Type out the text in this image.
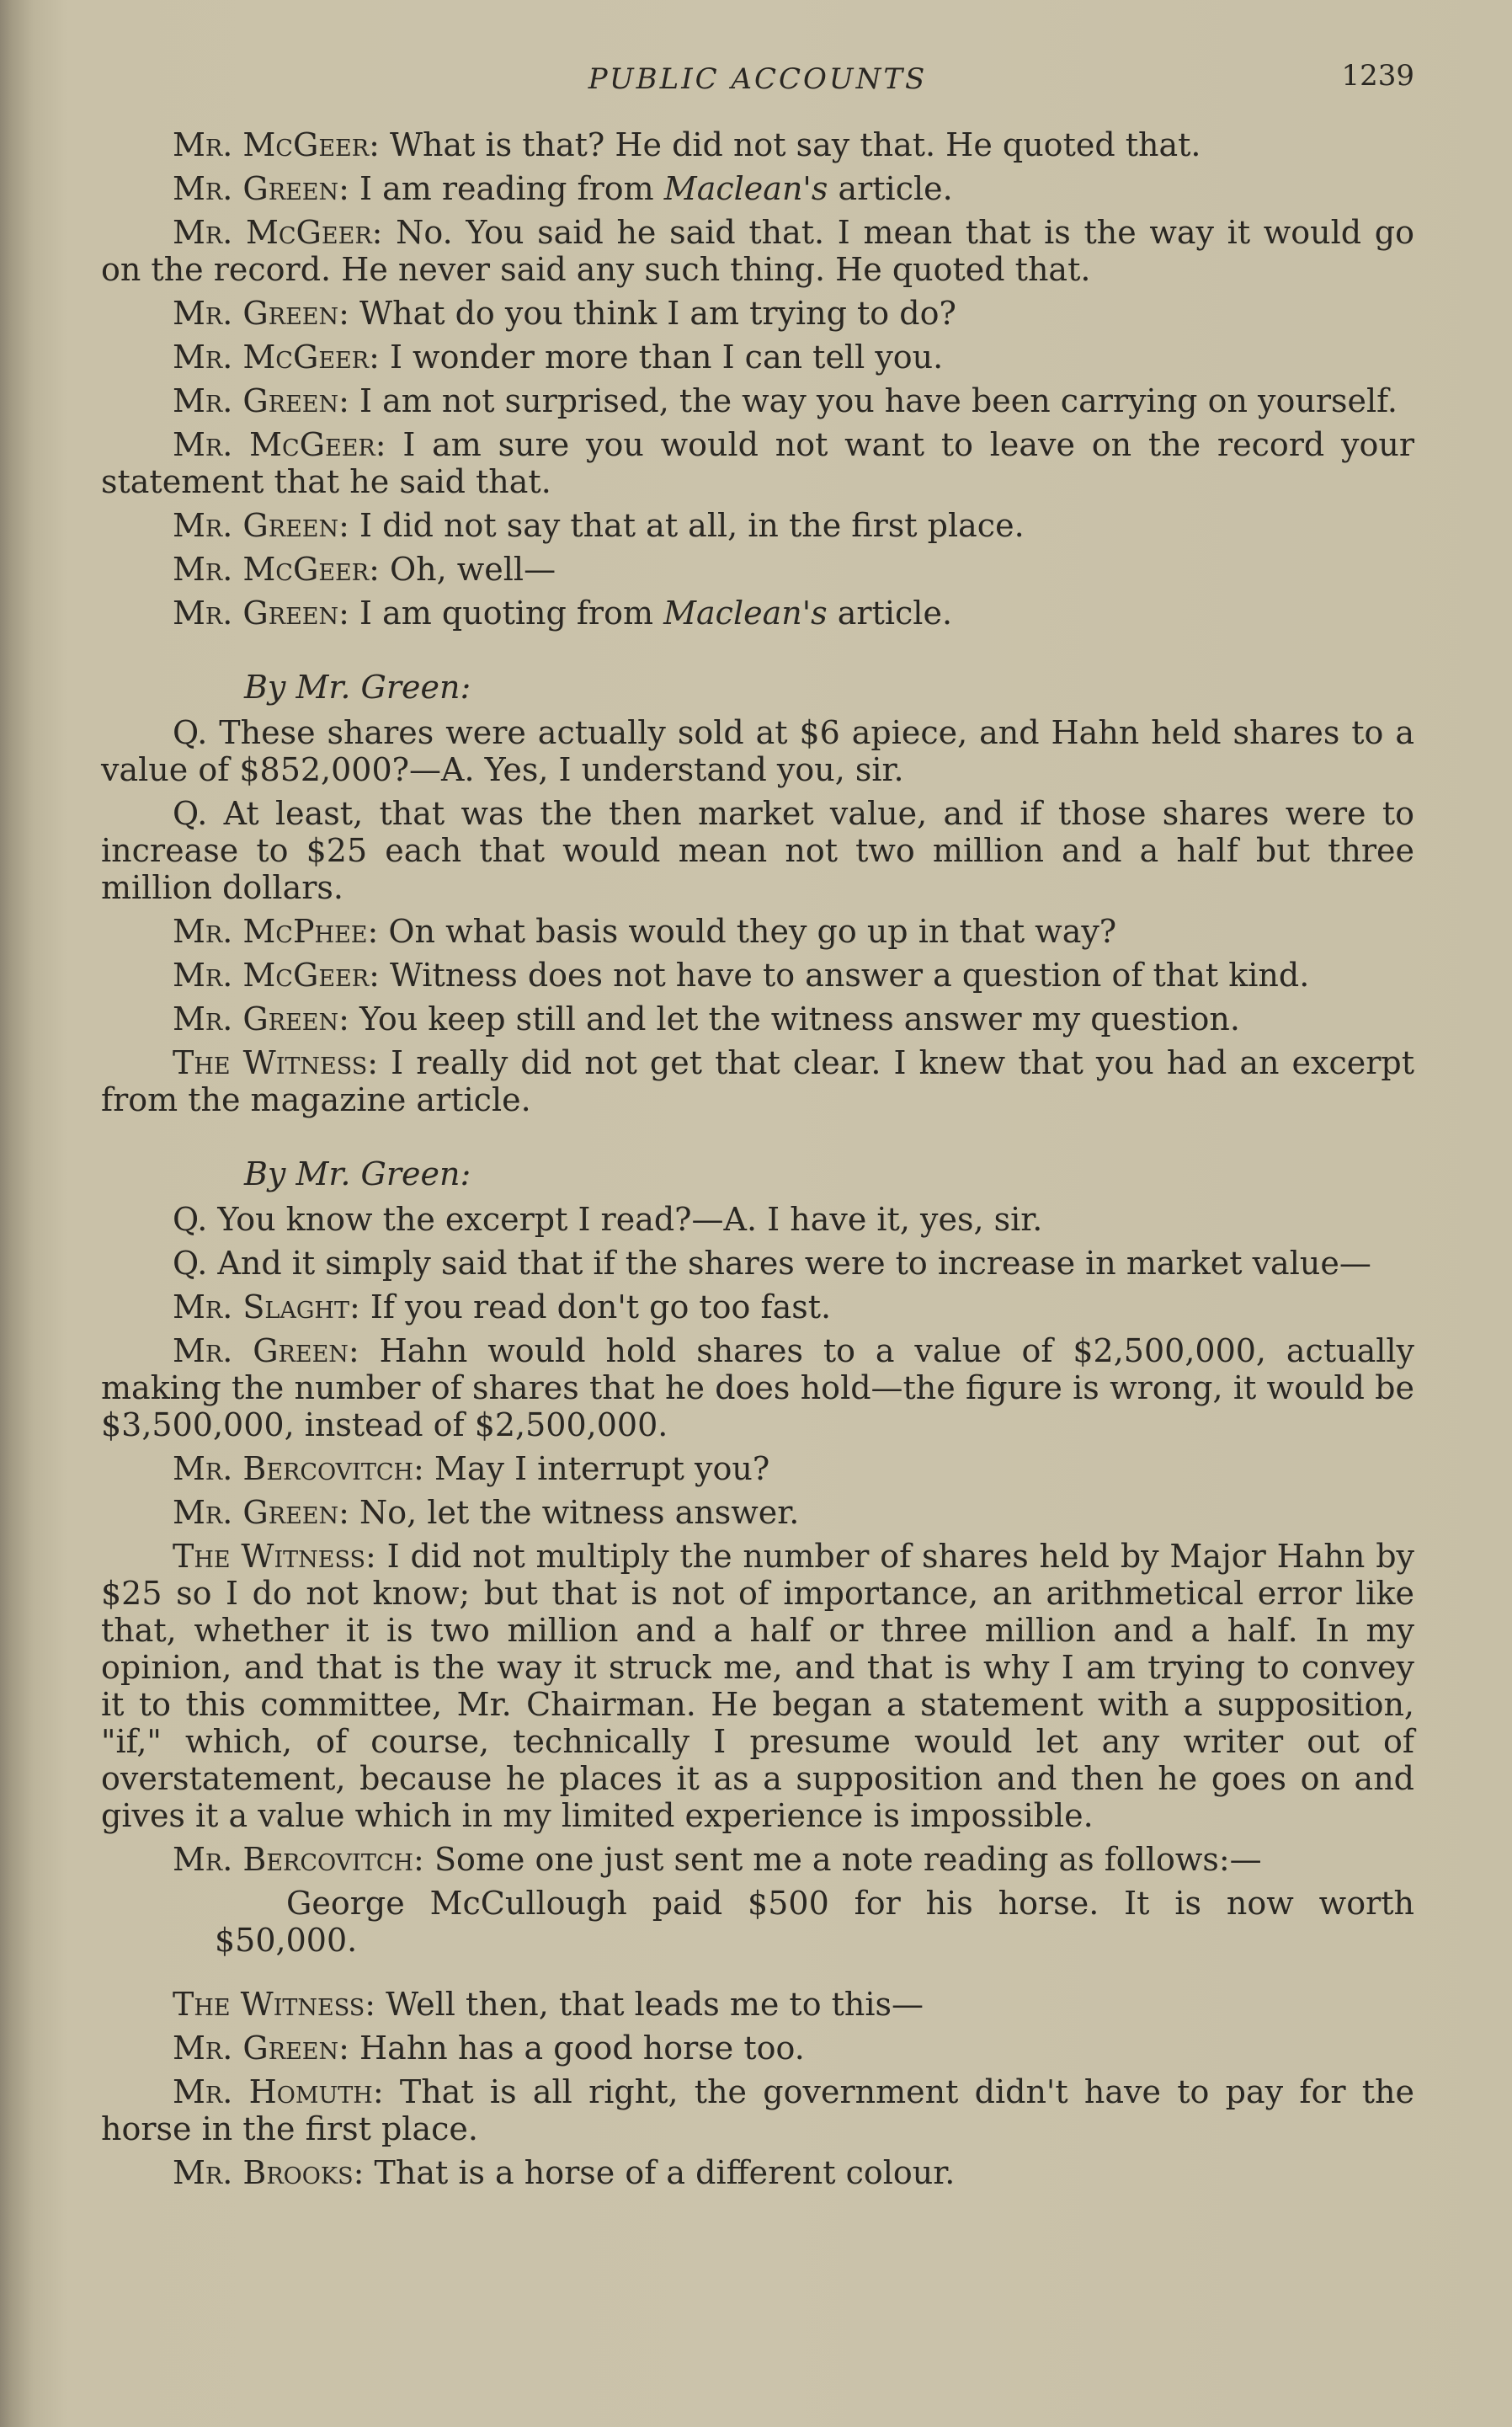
PUBLIC ACCOUNTS	1239

Mr. McGeer: What is that? He did not say that. He quoted that.

Mr. Green: I am reading from Maclean's article.

Mr. McGeer: No. You said he said that. I mean that is the way it would go on the record. He never said any such thing. He quoted that.

Mr. Green: What do you think I am trying to do?

Mr. McGeer: I wonder more than I can tell you.

Mr. Green: I am not surprised, the way you have been carrying on yourself.

Mr. McGeer: I am sure you would not want to leave on the record your statement that he said that.

Mr. Green: I did not say that at all, in the first place.

Mr. McGeer: Oh, well—

Mr. Green: I am quoting from Maclean's article.

By Mr. Green:

Q. These shares were actually sold at $6 apiece, and Hahn held shares to a value of $852,000?—A. Yes, I understand you, sir.

Q. At least, that was the then market value, and if those shares were to increase to $25 each that would mean not two million and a half but three million dollars.

Mr. McPhee: On what basis would they go up in that way?

Mr. McGeer: Witness does not have to answer a question of that kind.

Mr. Green: You keep still and let the witness answer my question.

The Witness: I really did not get that clear. I knew that you had an excerpt from the magazine article.

By Mr. Green:

Q. You know the excerpt I read?—A. I have it, yes, sir.

Q. And it simply said that if the shares were to increase in market value—

Mr. Slaght: If you read don't go too fast.

Mr. Green: Hahn would hold shares to a value of $2,500,000, actually making the number of shares that he does hold—the figure is wrong, it would be $3,500,000, instead of $2,500,000.

Mr. Bercovitch: May I interrupt you?

Mr. Green: No, let the witness answer.

The Witness: I did not multiply the number of shares held by Major Hahn by $25 so I do not know; but that is not of importance, an arithmetical error like that, whether it is two million and a half or three million and a half. In my opinion, and that is the way it struck me, and that is why I am trying to convey it to this committee, Mr. Chairman. He began a statement with a supposition, "if," which, of course, technically I presume would let any writer out of overstatement, because he places it as a supposition and then he goes on and gives it a value which in my limited experience is impossible.

Mr. Bercovitch: Some one just sent me a note reading as follows:—

George McCullough paid $500 for his horse. It is now worth $50,000.

The Witness: Well then, that leads me to this—

Mr. Green: Hahn has a good horse too.

Mr. Homuth: That is all right, the government didn't have to pay for the horse in the first place.

Mr. Brooks: That is a horse of a different colour.
